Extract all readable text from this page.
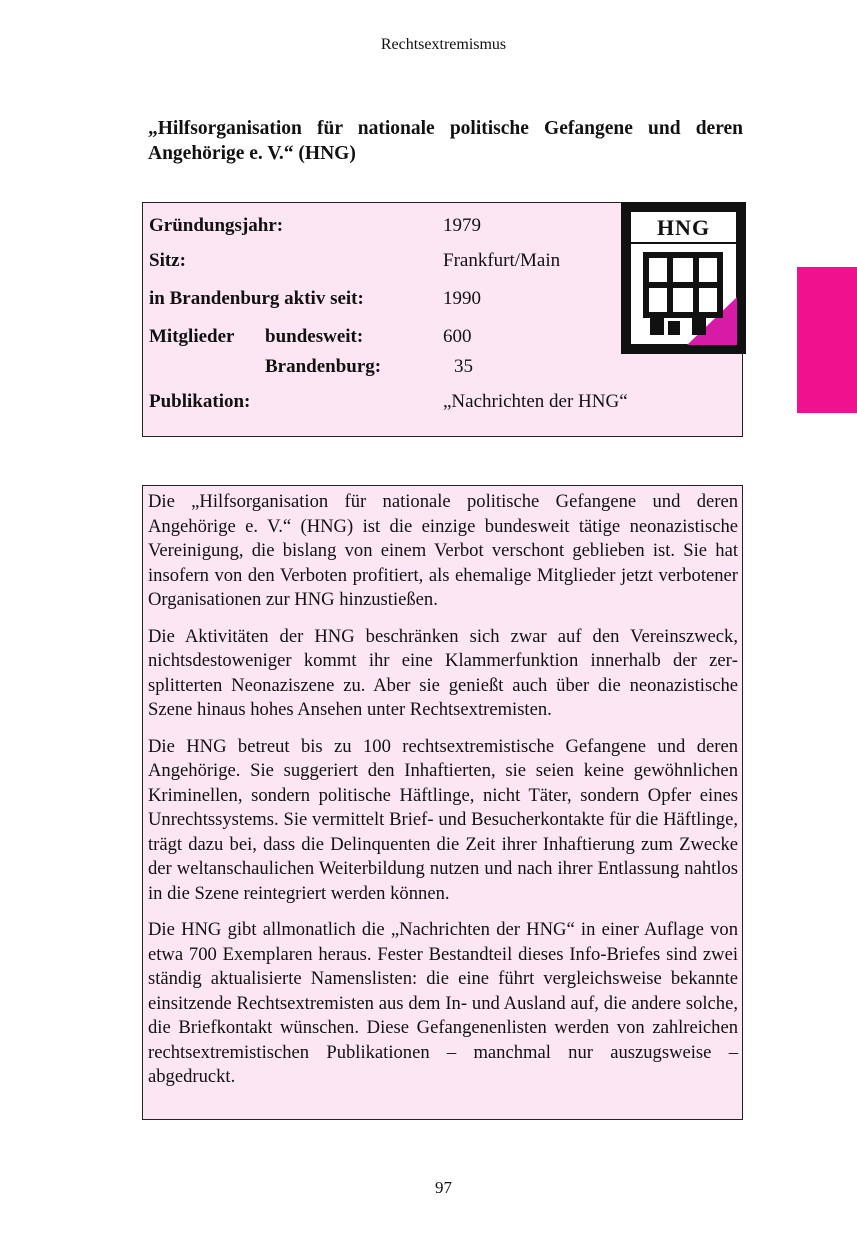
Rechtsextremismus
„Hilfsorganisation für nationale politische Gefangene und deren Angehörige e. V.“ (HNG)
Gründungsjahr:	1979
Sitz:	Frankfurt/Main
in Brandenburg aktiv seit:	1990
Mitglieder bundesweit:	600
Brandenburg:	35
Publikation:	„Nachrichten der HNG“
HNG

Die „Hilfsorganisation für nationale politische Gefangene und deren Angehörige e. V.“ (HNG) ist die einzige bundesweit tätige neonazistische Vereinigung, die bislang von einem Verbot verschont geblieben ist. Sie hat insofern von den Verboten profitiert, als ehemalige Mitglieder jetzt verbotener Organisationen zur HNG hinzustießen.

Die Aktivitäten der HNG beschränken sich zwar auf den Vereinszweck, nichtsdestoweniger kommt ihr eine Klammerfunktion innerhalb der zersplitterten Neonaziszene zu. Aber sie genießt auch über die neonazistische Szene hinaus hohes Ansehen unter Rechtsextremisten.

Die HNG betreut bis zu 100 rechtsextremistische Gefangene und deren Angehörige. Sie suggeriert den Inhaftierten, sie seien keine gewöhnlichen Kriminellen, sondern politische Häftlinge, nicht Täter, sondern Opfer eines Unrechtssystems. Sie vermittelt Brief- und Besucherkontakte für die Häftlinge, trägt dazu bei, dass die Delinquenten die Zeit ihrer Inhaftierung zum Zwecke der weltanschaulichen Weiterbildung nutzen und nach ihrer Entlassung nahtlos in die Szene reintegriert werden können.

Die HNG gibt allmonatlich die „Nachrichten der HNG“ in einer Auflage von etwa 700 Exemplaren heraus. Fester Bestandteil dieses Info-Briefes sind zwei ständig aktualisierte Namenslisten: die eine führt vergleichsweise bekannte einsitzende Rechtsextremisten aus dem In- und Ausland auf, die andere solche, die Briefkontakt wünschen. Diese Gefangenenlisten werden von zahlreichen rechtsextremistischen Publikationen – manchmal nur auszugsweise – abgedruckt.

97
